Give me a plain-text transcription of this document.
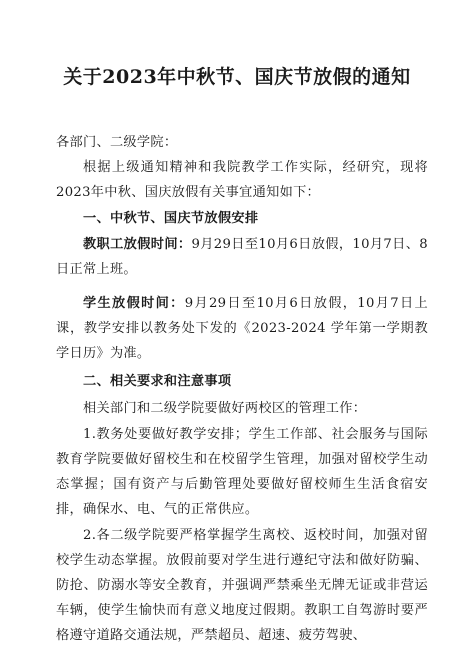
关于2023年中秋节、国庆节放假的通知

各部门、二级学院：

根据上级通知精神和我院教学工作实际，经研究，现将2023年中秋、国庆放假有关事宜通知如下：

一、中秋节、国庆节放假安排

教职工放假时间：9月29日至10月6日放假，10月7日、8日正常上班。

学生放假时间：9月29日至10月6日放假，10月7日上课，教学安排以教务处下发的《2023-2024 学年第一学期教学日历》为准。

二、相关要求和注意事项

相关部门和二级学院要做好两校区的管理工作：

1.教务处要做好教学安排；学生工作部、社会服务与国际教育学院要做好留校生和在校留学生管理，加强对留校学生动态掌握；国有资产与后勤管理处要做好留校师生生活食宿安排，确保水、电、气的正常供应。

2.各二级学院要严格掌握学生离校、返校时间，加强对留校学生动态掌握。放假前要对学生进行遵纪守法和做好防骗、防抢、防溺水等安全教育，并强调严禁乘坐无牌无证或非营运车辆，使学生愉快而有意义地度过假期。教职工自驾游时要严格遵守道路交通法规，严禁超员、超速、疲劳驾驶、
